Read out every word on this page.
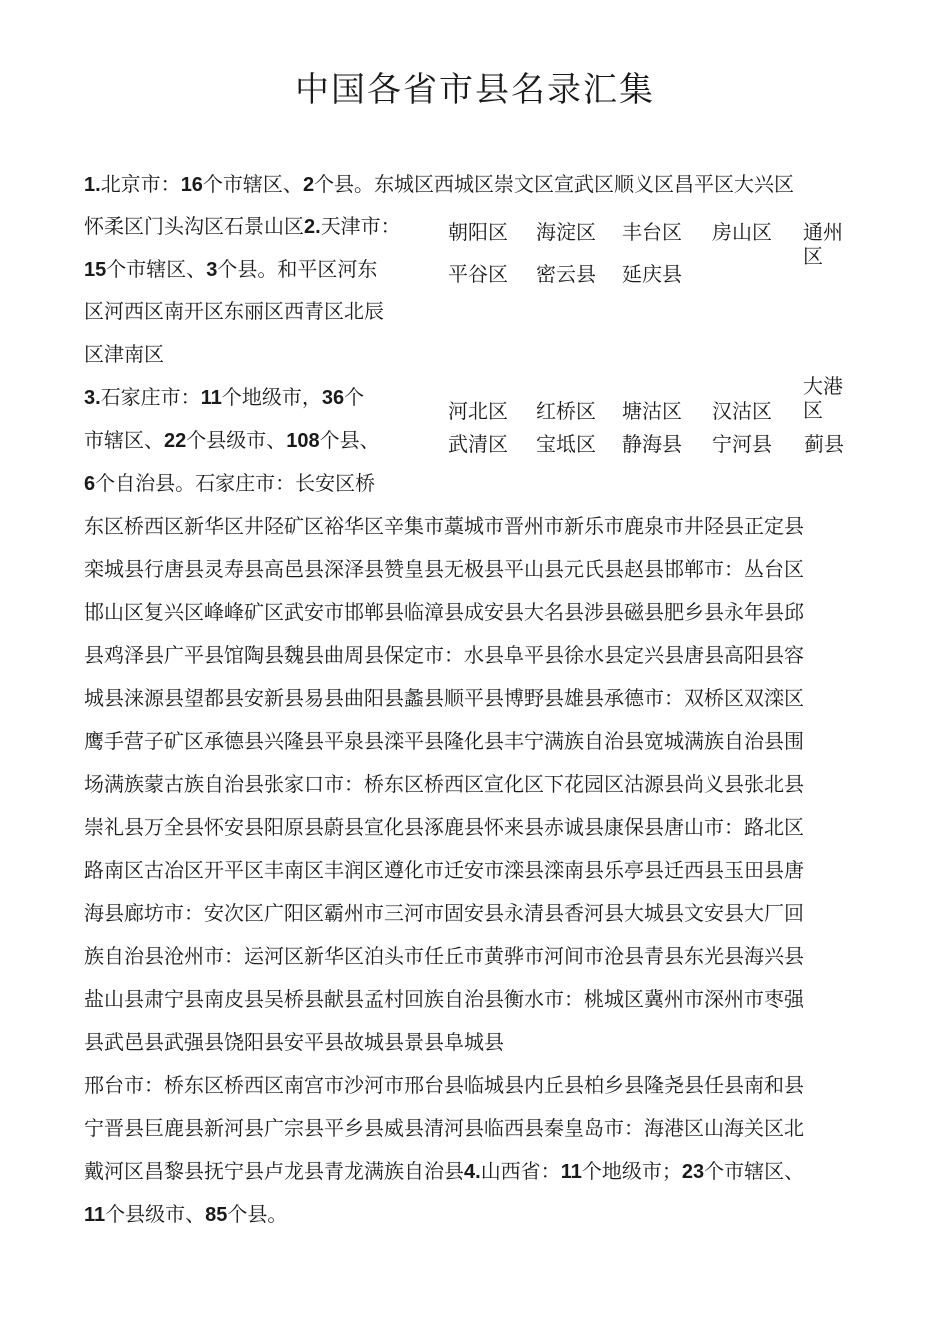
中国各省市县名录汇集
1.北京市：16个市辖区、2个县。东城区西城区崇文区宣武区顺义区昌平区大兴区
怀柔区门头沟区石景山区2.天津市： 朝阳区 海淀区 丰台区 房山区	通州区
平谷区 密云县 延庆县
15个市辖区、3个县。和平区河东
区河西区南开区东丽区西青区北辰
区津南区
大港区
河北区 红桥区 塘沽区 汉沽区
武清区 宝坻区 静海县 宁河县 蓟县
3.石家庄市：11个地级市，36个
市辖区、22个县级市、108个县、
6个自治县。石家庄市：长安区桥
东区桥西区新华区井陉矿区裕华区辛集市藁城市晋州市新乐市鹿泉市井陉县正定县
栾城县行唐县灵寿县高邑县深泽县赞皇县无极县平山县元氏县赵县邯郸市：丛台区
邯山区复兴区峰峰矿区武安市邯郸县临漳县成安县大名县涉县磁县肥乡县永年县邱
县鸡泽县广平县馆陶县魏县曲周县保定市：水县阜平县徐水县定兴县唐县高阳县容
城县涞源县望都县安新县易县曲阳县蠡县顺平县博野县雄县承德市：双桥区双滦区
鹰手营子矿区承德县兴隆县平泉县滦平县隆化县丰宁满族自治县宽城满族自治县围
场满族蒙古族自治县张家口市：桥东区桥西区宣化区下花园区沽源县尚义县张北县
崇礼县万全县怀安县阳原县蔚县宣化县涿鹿县怀来县赤诚县康保县唐山市：路北区
路南区古冶区开平区丰南区丰润区遵化市迁安市滦县滦南县乐亭县迁西县玉田县唐
海县廊坊市：安次区广阳区霸州市三河市固安县永清县香河县大城县文安县大厂回
族自治县沧州市：运河区新华区泊头市任丘市黄骅市河间市沧县青县东光县海兴县
盐山县肃宁县南皮县吴桥县献县孟村回族自治县衡水市：桃城区冀州市深州市枣强
县武邑县武强县饶阳县安平县故城县景县阜城县
邢台市：桥东区桥西区南宫市沙河市邢台县临城县内丘县柏乡县隆尧县任县南和县
宁晋县巨鹿县新河县广宗县平乡县威县清河县临西县秦皇岛市：海港区山海关区北
戴河区昌黎县抚宁县卢龙县青龙满族自治县4.山西省：11个地级市；23个市辖区、
11个县级市、85个县。
